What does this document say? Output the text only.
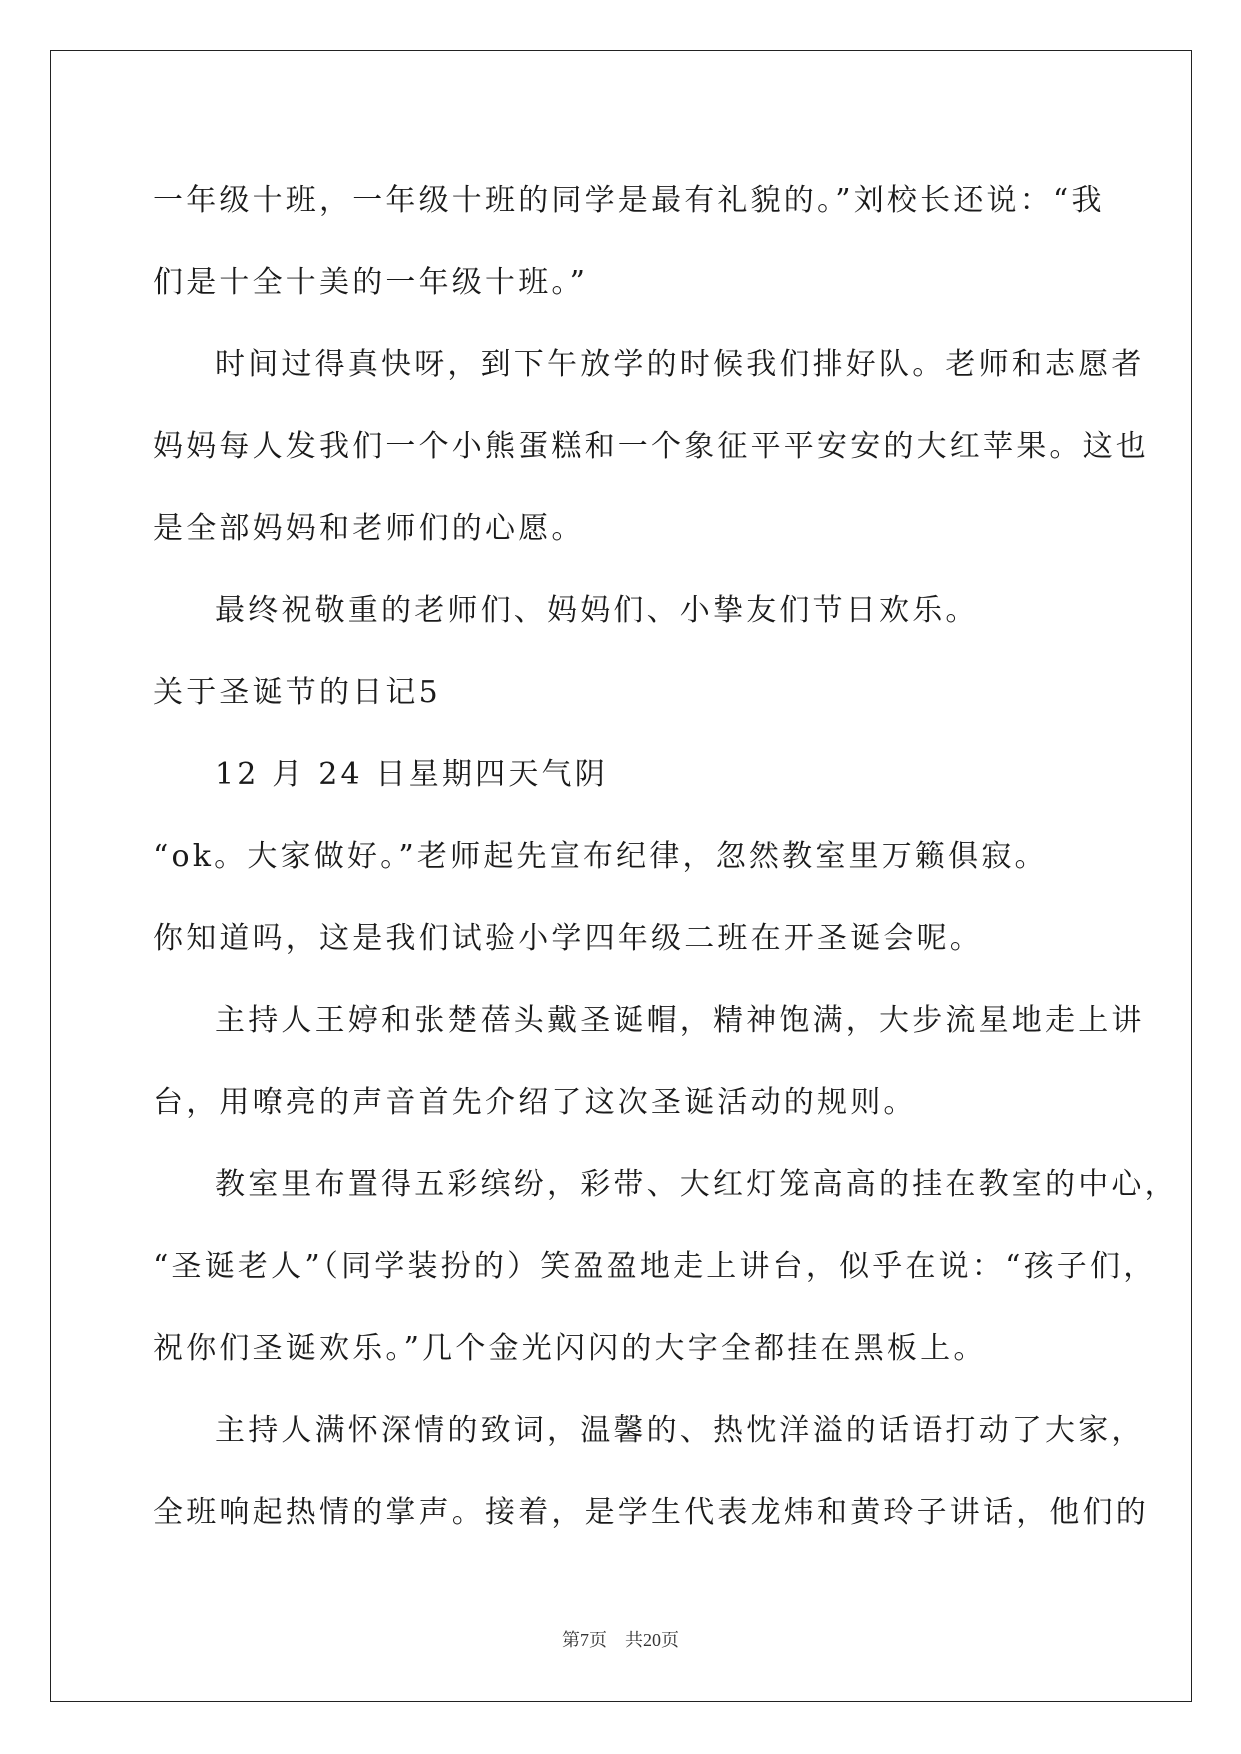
一年级十班，一年级十班的同学是最有礼貌的。”刘校长还说：“我
们是十全十美的一年级十班。”
时间过得真快呀，到下午放学的时候我们排好队。老师和志愿者
妈妈每人发我们一个小熊蛋糕和一个象征平平安安的大红苹果。这也
是全部妈妈和老师们的心愿。
最终祝敬重的老师们、妈妈们、小挚友们节日欢乐。
关于圣诞节的日记5
12 月 24 日星期四天气阴
“ok。大家做好。”老师起先宣布纪律，忽然教室里万籁俱寂。
你知道吗，这是我们试验小学四年级二班在开圣诞会呢。
主持人王婷和张楚蓓头戴圣诞帽，精神饱满，大步流星地走上讲
台，用嘹亮的声音首先介绍了这次圣诞活动的规则。
教室里布置得五彩缤纷，彩带、大红灯笼高高的挂在教室的中心，
“圣诞老人”（同学装扮的）笑盈盈地走上讲台，似乎在说：“孩子们，
祝你们圣诞欢乐。”几个金光闪闪的大字全都挂在黑板上。
主持人满怀深情的致词，温馨的、热忱洋溢的话语打动了大家，
全班响起热情的掌声。接着，是学生代表龙炜和黄玲子讲话，他们的
第7页　共20页
